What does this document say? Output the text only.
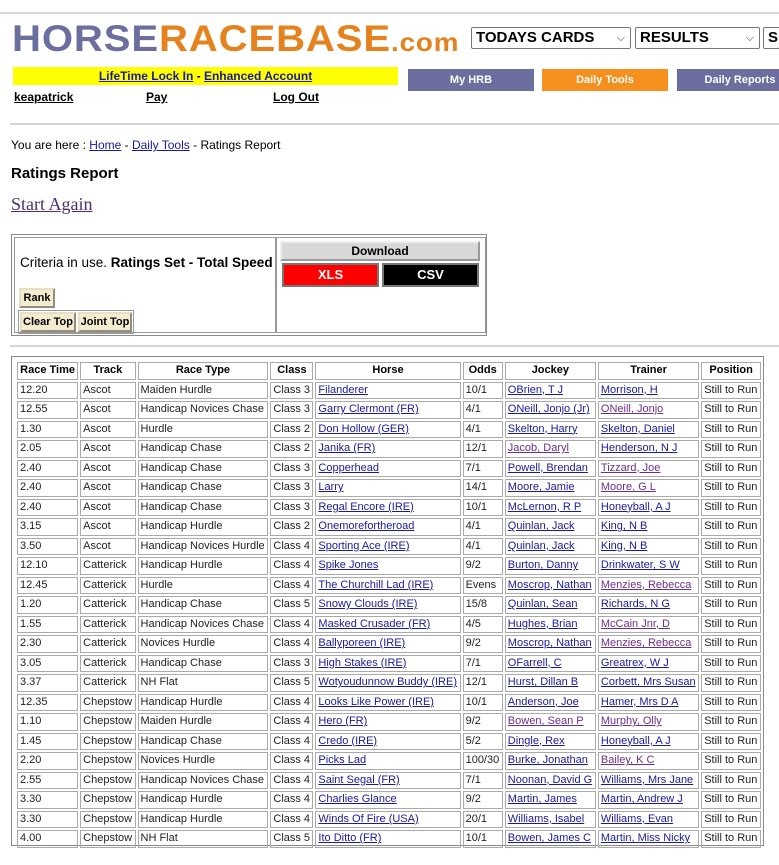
HORSERACEBASE.com	TODAYS CARDS ⌵	RESULTS	⌵ S
LifeTime Lock In - Enhanced Account	My HRB	Daily Tools	Daily Reports
keapatrick	Pay	Log Out
You are here : Home - Daily Tools - Ratings Report
Ratings Report
Start Again
Criteria in use. Ratings Set - Total Speed
Rank
Clear Top Joint Top
Download
XLS	CSV
Race Time	Track	Race Type	Class	Horse	Odds	Jockey	Trainer	Position
12.20	Ascot	Maiden Hurdle	Class 3	Filanderer	10/1	OBrien, T J	Morrison, H	Still to Run
12.55	Ascot	Handicap Novices Chase	Class 3	Garry Clermont (FR)	4/1	ONeill, Jonjo (Jr)	ONeill, Jonjo	Still to Run
1.30	Ascot	Hurdle	Class 2	Don Hollow (GER)	4/1	Skelton, Harry	Skelton, Daniel	Still to Run
2.05	Ascot	Handicap Chase	Class 2	Janika (FR)	12/1	Jacob, Daryl	Henderson, N J	Still to Run
2.40	Ascot	Handicap Chase	Class 3	Copperhead	7/1	Powell, Brendan	Tizzard, Joe	Still to Run
2.40	Ascot	Handicap Chase	Class 3	Larry	14/1	Moore, Jamie	Moore, G L	Still to Run
2.40	Ascot	Handicap Chase	Class 3	Regal Encore (IRE)	10/1	McLernon, R P	Honeyball, A J	Still to Run
3.15	Ascot	Handicap Hurdle	Class 2	Onemorefortheroad	4/1	Quinlan, Jack	King, N B	Still to Run
3.50	Ascot	Handicap Novices Hurdle	Class 4	Sporting Ace (IRE)	4/1	Quinlan, Jack	King, N B	Still to Run
12.10	Catterick	Handicap Hurdle	Class 4	Spike Jones	9/2	Burton, Danny	Drinkwater, S W	Still to Run
12.45	Catterick	Hurdle	Class 4	The Churchill Lad (IRE)	Evens	Moscrop, Nathan	Menzies, Rebecca	Still to Run
1.20	Catterick	Handicap Chase	Class 5	Snowy Clouds (IRE)	15/8	Quinlan, Sean	Richards, N G	Still to Run
1.55	Catterick	Handicap Novices Chase	Class 4	Masked Crusader (FR)	4/5	Hughes, Brian	McCain Jnr, D	Still to Run
2.30	Catterick	Novices Hurdle	Class 4	Ballyporeen (IRE)	9/2	Moscrop, Nathan	Menzies, Rebecca	Still to Run
3.05	Catterick	Handicap Chase	Class 3	High Stakes (IRE)	7/1	OFarrell, C	Greatrex, W J	Still to Run
3.37	Catterick	NH Flat	Class 5	Wotyoudunnow Buddy (IRE)	12/1	Hurst, Dillan B	Corbett, Mrs Susan	Still to Run
12.35	Chepstow	Handicap Hurdle	Class 4	Looks Like Power (IRE)	10/1	Anderson, Joe	Hamer, Mrs D A	Still to Run
1.10	Chepstow	Maiden Hurdle	Class 4	Hero (FR)	9/2	Bowen, Sean P	Murphy, Olly	Still to Run
1.45	Chepstow	Handicap Chase	Class 4	Credo (IRE)	5/2	Dingle, Rex	Honeyball, A J	Still to Run
2.20	Chepstow	Novices Hurdle	Class 4	Picks Lad	100/30	Burke, Jonathan	Bailey, K C	Still to Run
2.55	Chepstow	Handicap Novices Chase	Class 4	Saint Segal (FR)	7/1	Noonan, David G	Williams, Mrs Jane	Still to Run
3.30	Chepstow	Handicap Hurdle	Class 4	Charlies Glance	9/2	Martin, James	Martin, Andrew J	Still to Run
3.30	Chepstow	Handicap Hurdle	Class 4	Winds Of Fire (USA)	20/1	Williams, Isabel	Williams, Evan	Still to Run
4.00	Chepstow	NH Flat	Class 5	Ito Ditto (FR)	10/1	Bowen, James C	Martin, Miss Nicky	Still to Run
